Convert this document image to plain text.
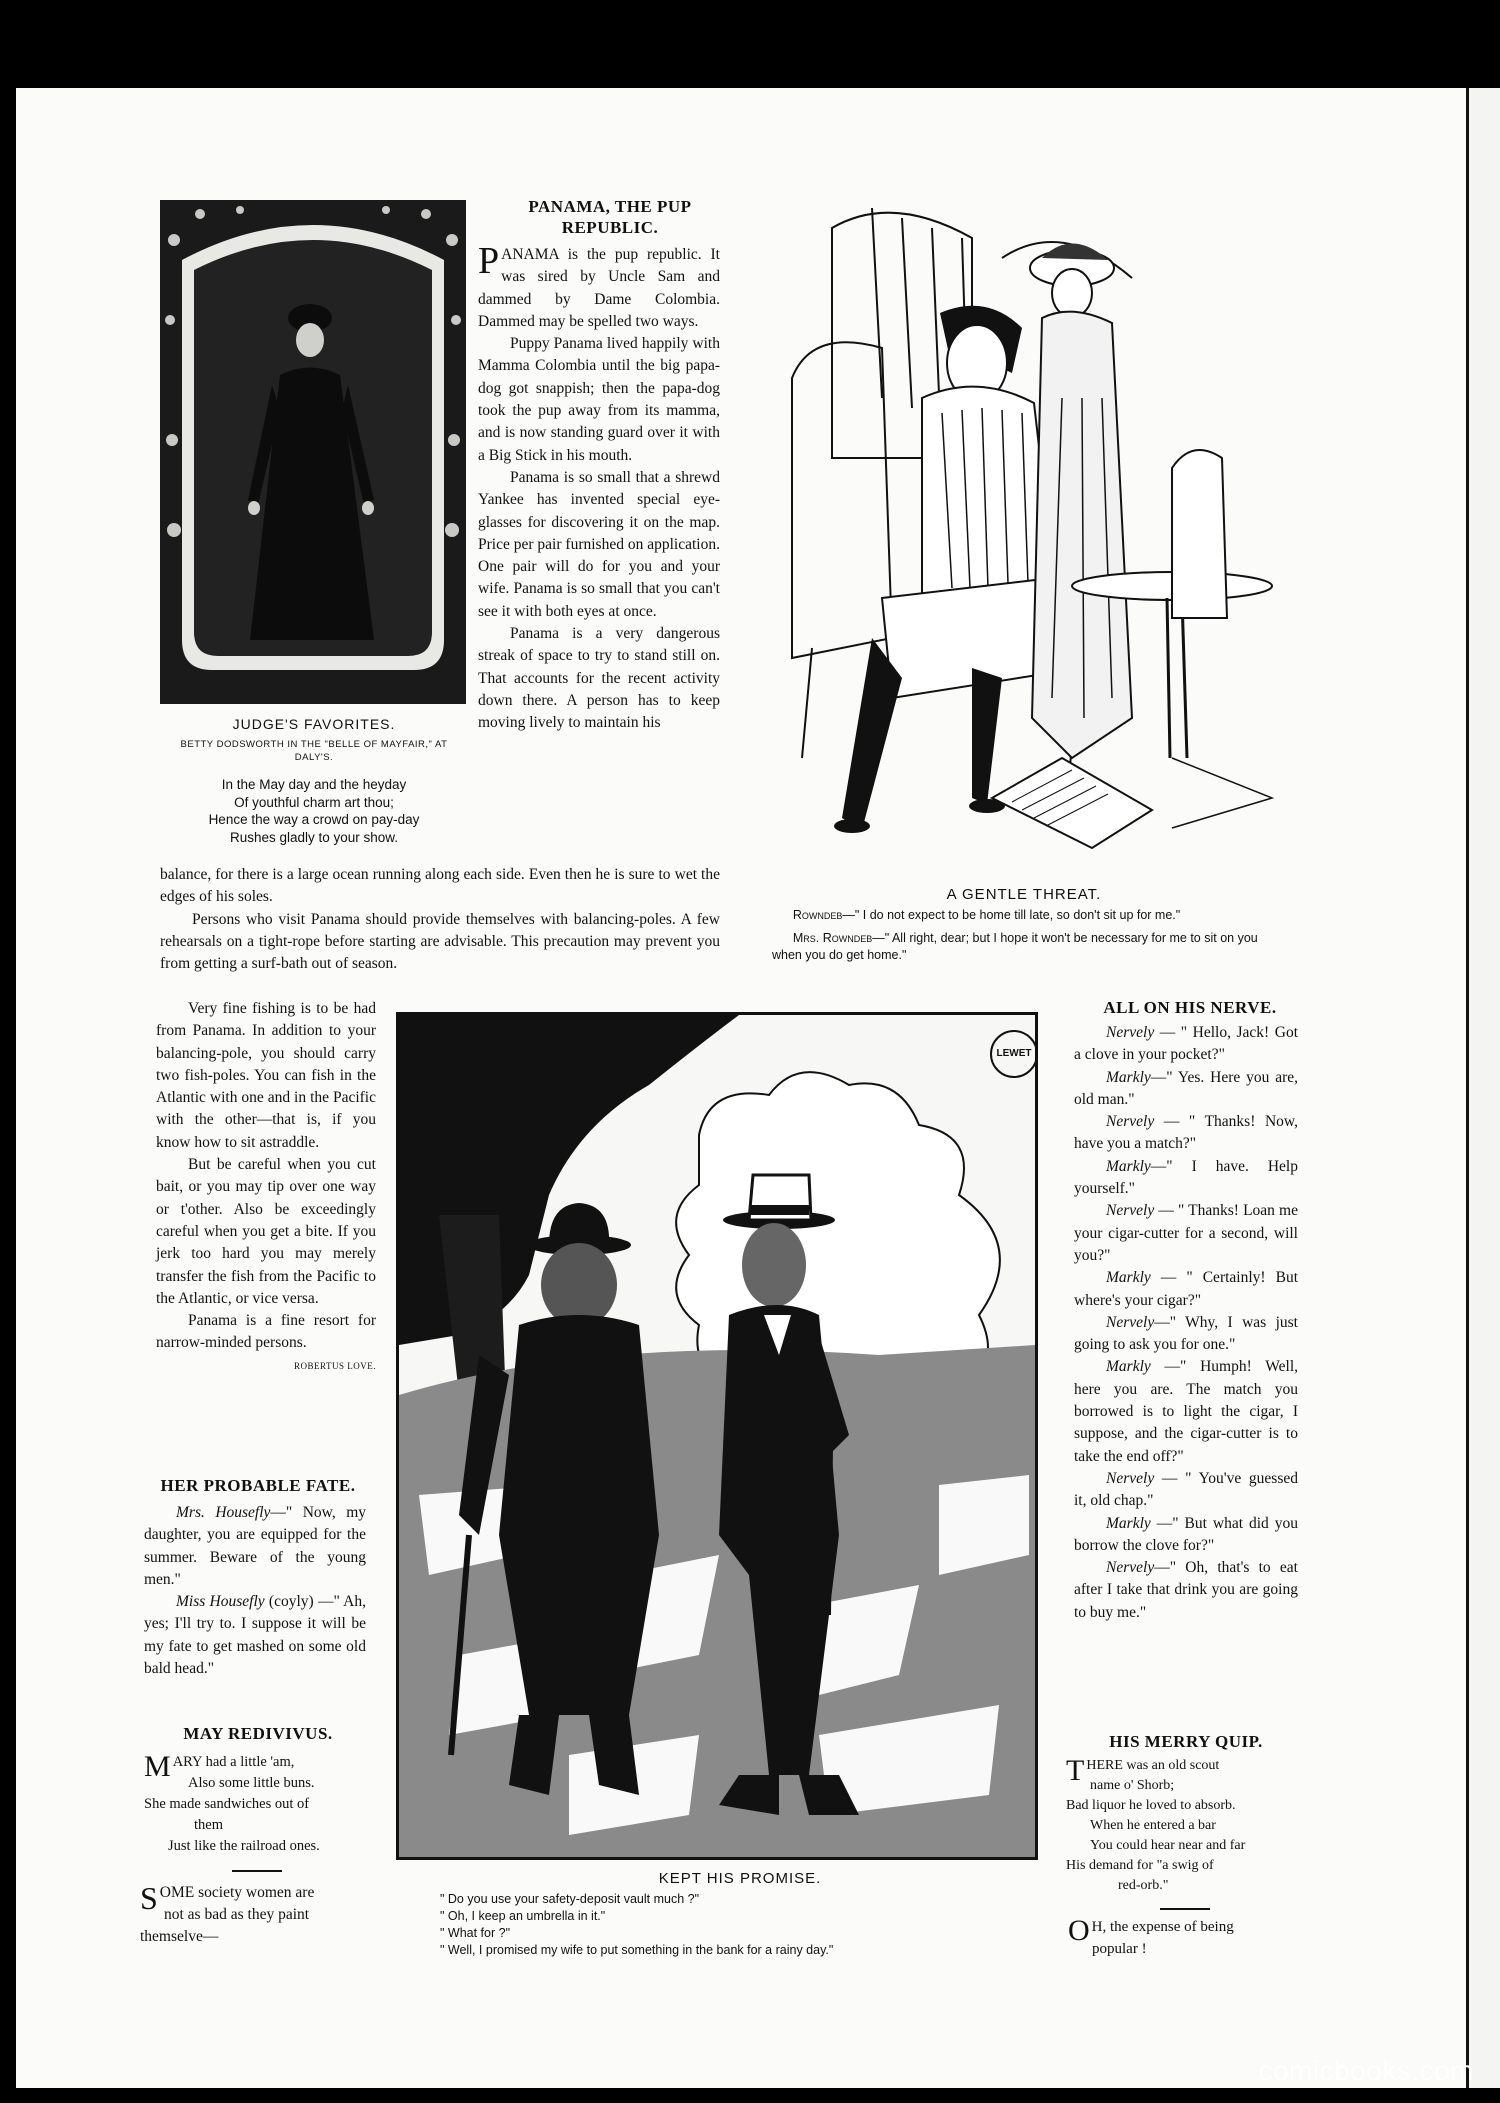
JUDGE'S FAVORITES.
BETTY DODSWORTH IN THE "BELLE OF MAYFAIR," AT DALY'S.
In the May day and the heyday
Of youthful charm art thou;
Hence the way a crowd on pay-day
Rushes gladly to your show.
PANAMA, THE PUP REPUBLIC.

PANAMA is the pup republic. It was sired by Uncle Sam and dammed by Dame Colombia. Dammed may be spelled two ways.

Puppy Panama lived happily with Mamma Colombia until the big papa-dog got snappish; then the papa-dog took the pup away from its mamma, and is now standing guard over it with a Big Stick in his mouth.

Panama is so small that a shrewd Yankee has invented special eye-glasses for discovering it on the map. Price per pair furnished on application. One pair will do for you and your wife. Panama is so small that you can't see it with both eyes at once.

Panama is a very dangerous streak of space to try to stand still on. That accounts for the recent activity down there. A person has to keep moving lively to maintain his

balance, for there is a large ocean running along each side. Even then he is sure to wet the edges of his soles.

Persons who visit Panama should provide themselves with balancing-poles. A few rehearsals on a tight-rope before starting are advisable. This precaution may prevent you from getting a surf-bath out of season.

Very fine fishing is to be had from Panama. In addition to your balancing-pole, you should carry two fish-poles. You can fish in the Atlantic with one and in the Pacific with the other—that is, if you know how to sit astraddle.

But be careful when you cut bait, or you may tip over one way or t'other. Also be exceedingly careful when you get a bite. If you jerk too hard you may merely transfer the fish from the Pacific to the Atlantic, or vice versa.

Panama is a fine resort for narrow-minded persons.

ROBERTUS LOVE.
A GENTLE THREAT.
Rowndeb—" I do not expect to be home till late, so don't sit up for me."
Mrs. Rowndeb—" All right, dear; but I hope it won't be necessary for me to sit on you when you do get home."
HER PROBABLE FATE.

Mrs. Housefly—" Now, my daughter, you are equipped for the summer. Beware of the young men."

Miss Housefly (coyly) —" Ah, yes; I'll try to. I suppose it will be my fate to get mashed on some old bald head."

MAY REDIVIVUS.
MARY had a little 'am,
Also some little buns.
She made sandwiches out of
them
Just like the railroad ones.
SOME society women are
not as bad as they paint
themselve—
LEWET
KEPT HIS PROMISE.
" Do you use your safety-deposit vault much ?"
" Oh, I keep an umbrella in it."
" What for ?"
" Well, I promised my wife to put something in the bank for a rainy day."
ALL ON HIS NERVE.

Nervely — " Hello, Jack! Got a clove in your pocket?"

Markly—" Yes. Here you are, old man."

Nervely — " Thanks! Now, have you a match?"

Markly—" I have. Help yourself."

Nervely — " Thanks! Loan me your cigar-cutter for a second, will you?"

Markly — " Certainly! But where's your cigar?"

Nervely—" Why, I was just going to ask you for one."

Markly —" Humph! Well, here you are. The match you borrowed is to light the cigar, I suppose, and the cigar-cutter is to take the end off?"

Nervely — " You've guessed it, old chap."

Markly —" But what did you borrow the clove for?"

Nervely—" Oh, that's to eat after I take that drink you are going to buy me."

HIS MERRY QUIP.
THERE was an old scout
name o' Shorb;
Bad liquor he loved to absorb.
When he entered a bar
You could hear near and far
His demand for "a swig of
red-orb."
O H, the expense of being
popular !
comicbooks.com
